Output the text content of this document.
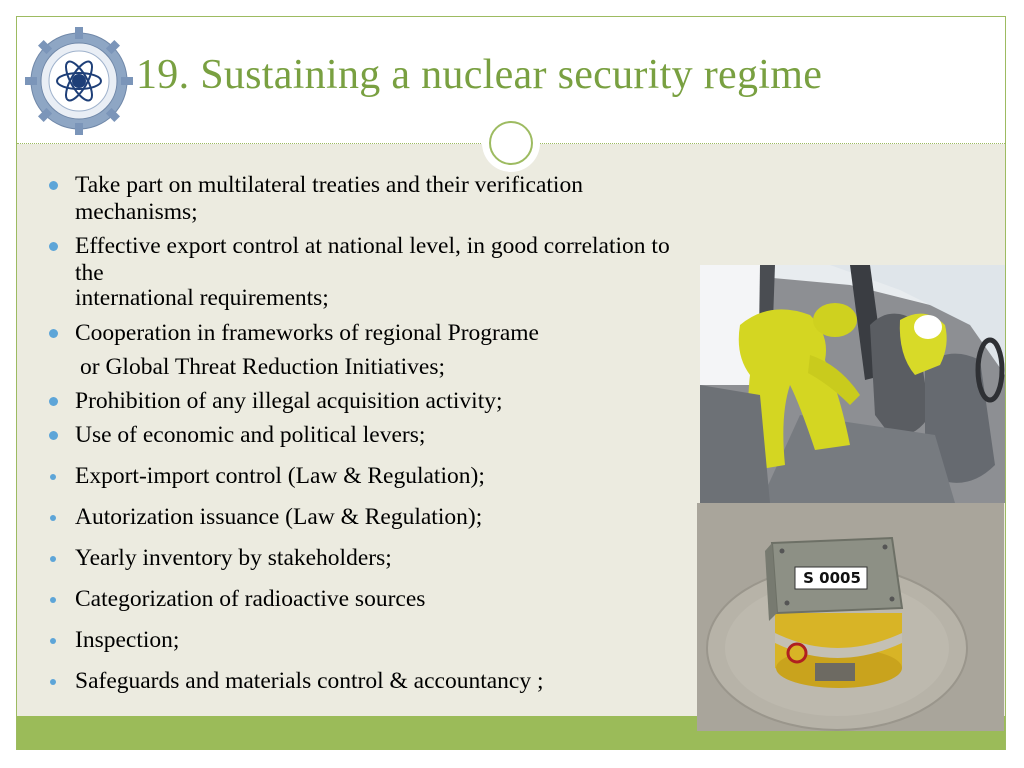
19. Sustaining a nuclear security regime
Take part on multilateral treaties and their verification mechanisms;
Effective export control at national level, in good correlation to the
international requirements;
Cooperation in frameworks of regional Programe
or Global Threat Reduction Initiatives;
Prohibition of any illegal acquisition activity;
Use of economic and political levers;
Export-import control (Law & Regulation);
Autorization issuance (Law & Regulation);
Yearly inventory by stakeholders;
Categorization of radioactive sources
Inspection;
Safeguards and materials control & accountancy ;
S 0005
